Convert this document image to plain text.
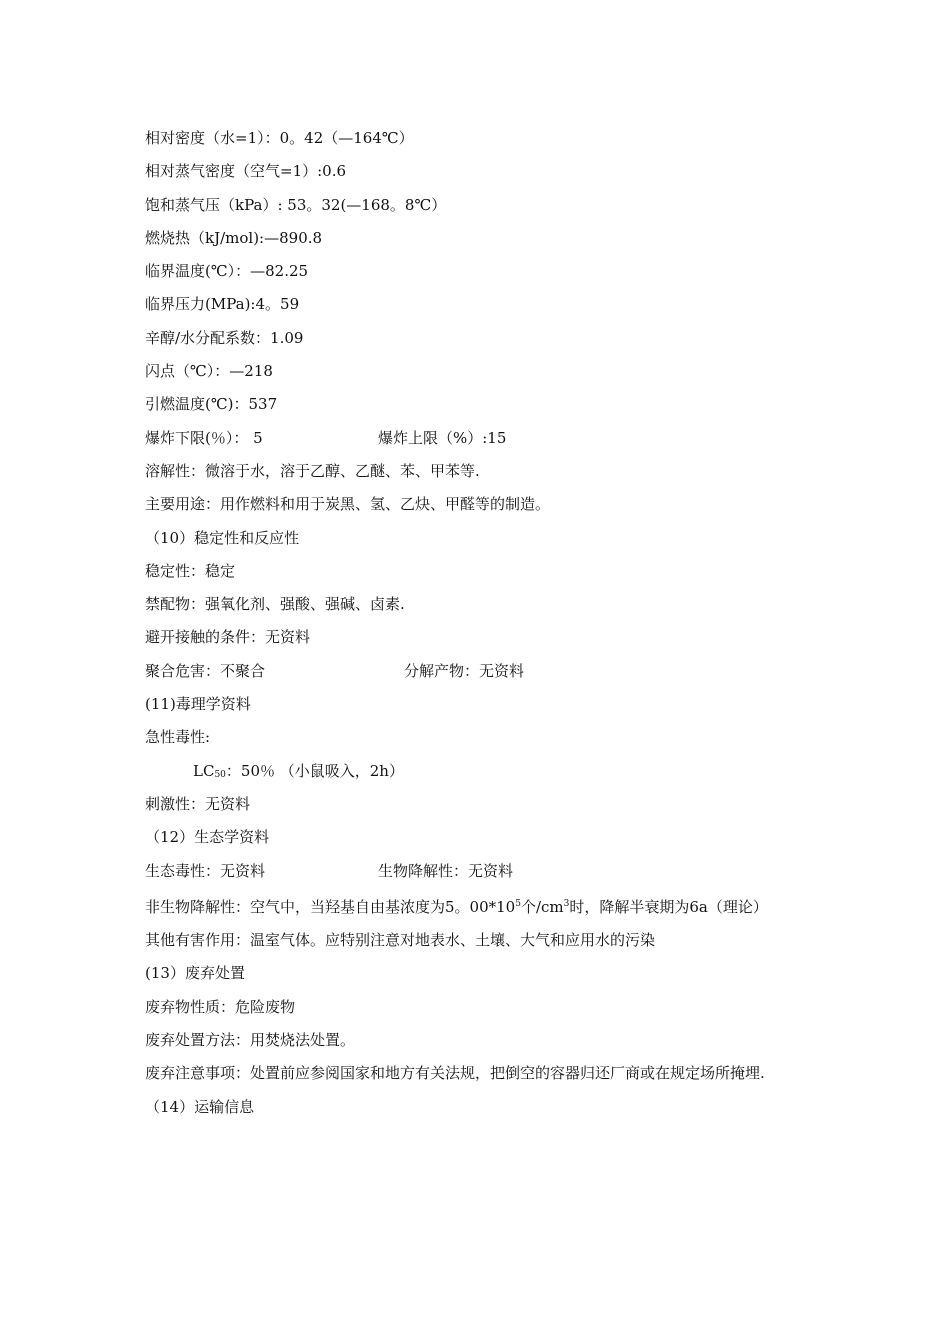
相对密度（水=1）：0。42（—164℃）
相对蒸气密度（空气=1）:0.6
饱和蒸气压（kPa）: 53。32(—168。8℃）
燃烧热（kJ/mol):—890.8
临界温度(℃）：—82.25
临界压力(MPa):4。59
辛醇/水分配系数：1.09
闪点（℃）：—218
引燃温度(℃)：537
爆炸下限(％）： 5	爆炸上限（%）:15
溶解性：微溶于水，溶于乙醇、乙醚、苯、甲苯等.
主要用途：用作燃料和用于炭黑、氢、乙炔、甲醛等的制造。
（10）稳定性和反应性
稳定性：稳定
禁配物：强氧化剂、强酸、强碱、卤素.
避开接触的条件：无资料
聚合危害：不聚合	分解产物：无资料
(11)毒理学资料
急性毒性:
$LC_{50}$：50％ （小鼠吸入，2h）
刺激性：无资料
（12）生态学资料
生态毒性：无资料	生物降解性：无资料
非生物降解性：空气中，当羟基自由基浓度为5。$00*10^5$个$/cm^3$时，降解半衰期为6a（理论）
其他有害作用：温室气体。应特别注意对地表水、土壤、大气和应用水的污染
(13）废弃处置
废弃物性质：危险废物
废弃处置方法：用焚烧法处置。
废弃注意事项：处置前应参阅国家和地方有关法规，把倒空的容器归还厂商或在规定场所掩埋.
（14）运输信息
